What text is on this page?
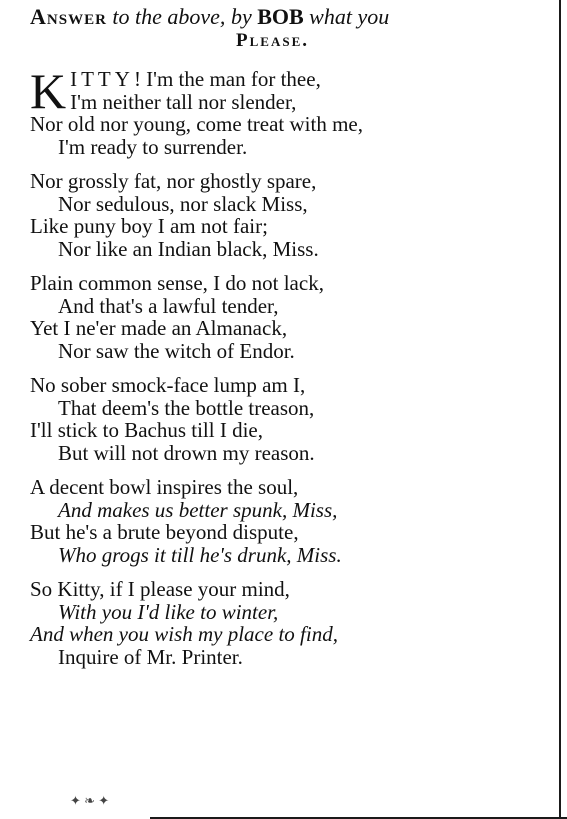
Answer to the above, by BOB what you
Please.
K ITTY! I'm the man for thee,
I'm neither tall nor slender,
Nor old nor young, come treat with me,
I'm ready to surrender.
Nor grossly fat, nor ghostly spare,
Nor sedulous, nor slack Miss,
Like puny boy I am not fair;
Nor like an Indian black, Miss.
Plain common sense, I do not lack,
And that's a lawful tender,
Yet I ne'er made an Almanack,
Nor saw the witch of Endor.
No sober smock-face lump am I,
That deem's the bottle treason,
I'll stick to Bachus till I die,
But will not drown my reason.
A decent bowl inspires the soul,
And makes us better spunk, Miss,
But he's a brute beyond dispute,
Who grogs it till he's drunk, Miss.
So Kitty, if I please your mind,
With you I'd like to winter,
And when you wish my place to find,
Inquire of Mr. Printer.
✦ ❧ ✦
